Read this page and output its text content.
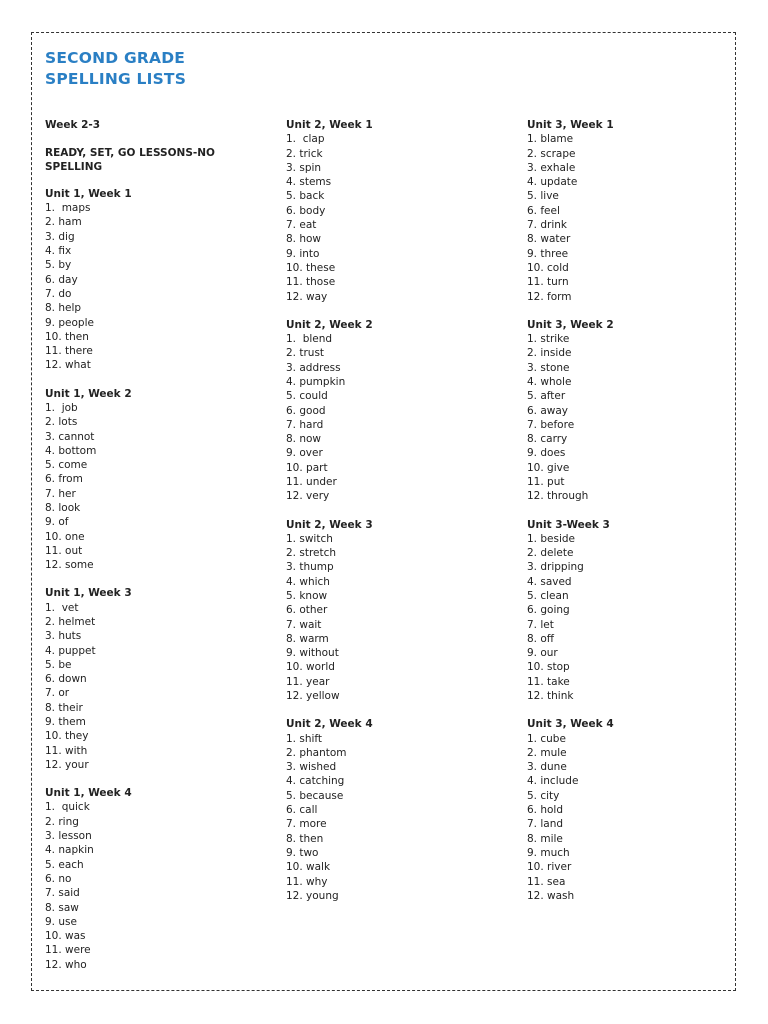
SECOND GRADE
SPELLING LISTS
Week 2-3
READY, SET, GO LESSONS-NO SPELLING
Unit 1, Week 1
1.  maps
2. ham
3. dig
4. fix
5. by
6. day
7. do
8. help
9. people
10. then
11. there
12. what
Unit 1, Week 2
1.  job
2. lots
3. cannot
4. bottom
5. come
6. from
7. her
8. look
9. of
10. one
11. out
12. some
Unit 1, Week 3
1.  vet
2. helmet
3. huts
4. puppet
5. be
6. down
7. or
8. their
9. them
10. they
11. with
12. your
Unit 1, Week 4
1.  quick
2. ring
3. lesson
4. napkin
5. each
6. no
7. said
8. saw
9. use
10. was
11. were
12. who
Unit 2, Week 1
1.  clap
2. trick
3. spin
4. stems
5. back
6. body
7. eat
8. how
9. into
10. these
11. those
12. way
Unit 2, Week 2
1.  blend
2. trust
3. address
4. pumpkin
5. could
6. good
7. hard
8. now
9. over
10. part
11. under
12. very
Unit 2, Week 3
1. switch
2. stretch
3. thump
4. which
5. know
6. other
7. wait
8. warm
9. without
10. world
11. year
12. yellow
Unit 2, Week 4
1. shift
2. phantom
3. wished
4. catching
5. because
6. call
7. more
8. then
9. two
10. walk
11. why
12. young
Unit 3, Week 1
1. blame
2. scrape
3. exhale
4. update
5. live
6. feel
7. drink
8. water
9. three
10. cold
11. turn
12. form
Unit 3, Week 2
1. strike
2. inside
3. stone
4. whole
5. after
6. away
7. before
8. carry
9. does
10. give
11. put
12. through
Unit 3-Week 3
1. beside
2. delete
3. dripping
4. saved
5. clean
6. going
7. let
8. off
9. our
10. stop
11. take
12. think
Unit 3, Week 4
1. cube
2. mule
3. dune
4. include
5. city
6. hold
7. land
8. mile
9. much
10. river
11. sea
12. wash
